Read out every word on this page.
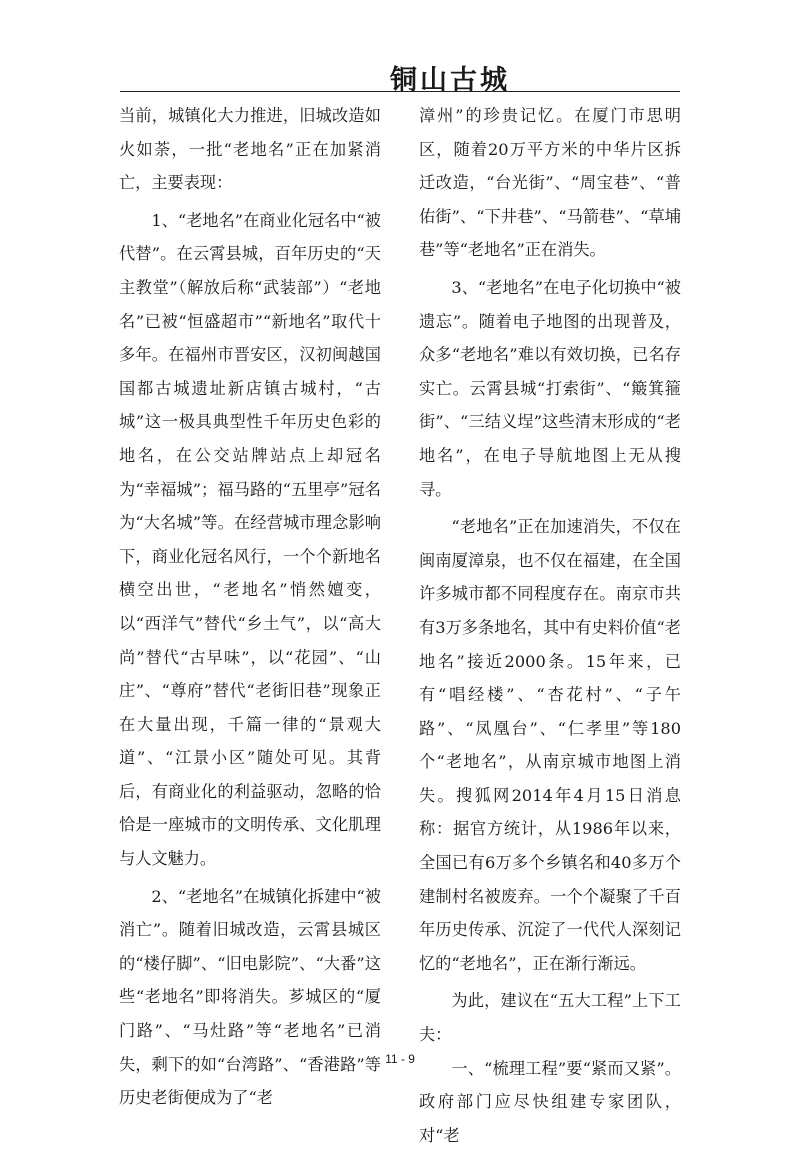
铜山古城

当前，城镇化大力推进，旧城改造如火如荼，一批“老地名”正在加紧消亡，主要表现：

1、“老地名”在商业化冠名中“被代替”。在云霄县城，百年历史的“天主教堂”（解放后称“武装部”）“老地名”已被“恒盛超市”“新地名”取代十多年。在福州市晋安区，汉初闽越国国都古城遗址新店镇古城村，“古城”这一极具典型性千年历史色彩的地名，在公交站牌站点上却冠名为“幸福城”；福马路的“五里亭”冠名为“大名城”等。在经营城市理念影响下，商业化冠名风行，一个个新地名横空出世，“老地名”悄然嬗变，以“西洋气”替代“乡土气”，以“高大尚”替代“古早味”，以“花园”、“山庄”、“尊府”替代“老街旧巷”现象正在大量出现，千篇一律的“景观大道”、“江景小区”随处可见。其背后，有商业化的利益驱动，忽略的恰恰是一座城市的文明传承、文化肌理与人文魅力。

2、“老地名”在城镇化拆建中“被消亡”。随着旧城改造，云霄县城区的“楼仔脚”、“旧电影院”、“大番”这些“老地名”即将消失。芗城区的“厦门路”、“马灶路”等“老地名”已消失，剩下的如“台湾路”、“香港路”等历史老街便成为了“老

漳州”的珍贵记忆。在厦门市思明区，随着20万平方米的中华片区拆迁改造，“台光街”、“周宝巷”、“普佑街”、“下井巷”、“马箭巷”、“草埔巷”等“老地名”正在消失。

3、“老地名”在电子化切换中“被遗忘”。随着电子地图的出现普及，众多“老地名”难以有效切换，已名存实亡。云霄县城“打索街”、“簸箕箍街”、“三结义埕”这些清末形成的“老地名”，在电子导航地图上无从搜寻。

“老地名”正在加速消失，不仅在闽南厦漳泉，也不仅在福建，在全国许多城市都不同程度存在。南京市共有3万多条地名，其中有史料价值“老地名”接近2000条。15年来，已有“唱经楼”、“杏花村”、“子午路”、“凤凰台”、“仁孝里”等180个“老地名”，从南京城市地图上消失。搜狐网2014年4月15日消息称：据官方统计，从1986年以来，全国已有6万多个乡镇名和40多万个建制村名被废弃。一个个凝聚了千百年历史传承、沉淀了一代代人深刻记忆的“老地名”，正在渐行渐远。

为此，建议在“五大工程”上下工夫：

一、“梳理工程”要“紧而又紧”。政府部门应尽快组建专家团队，对“老

11 - 9
